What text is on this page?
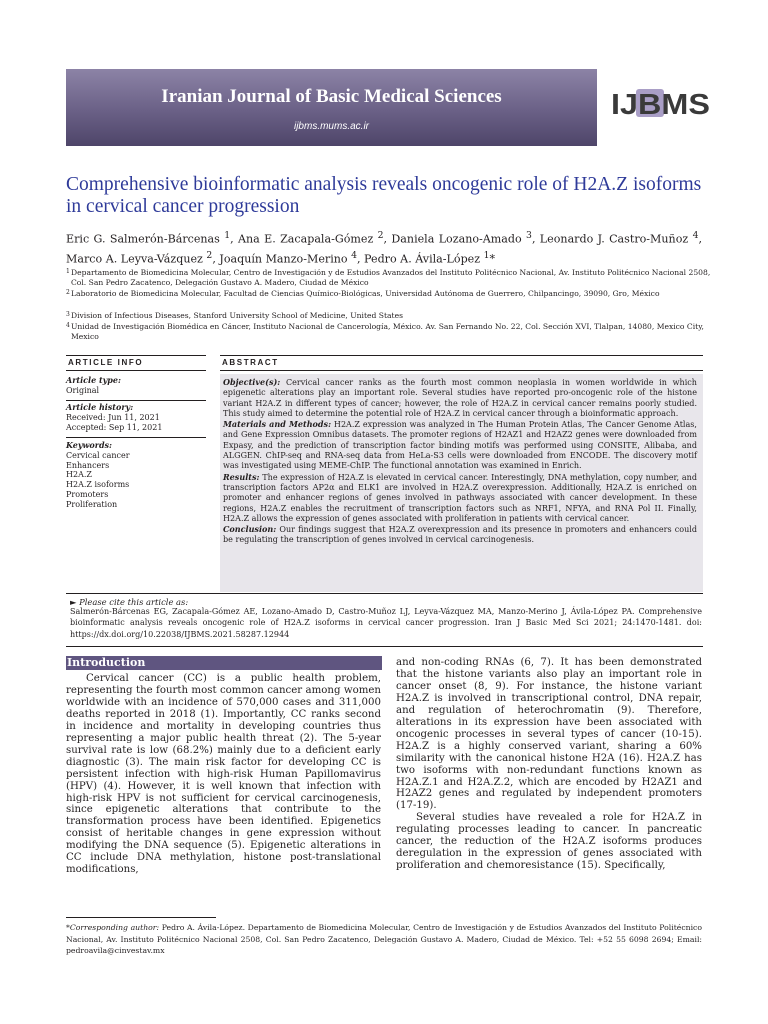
Iranian Journal of Basic Medical Sciences
ijbms.mums.ac.ir
IJBMS
Comprehensive bioinformatic analysis reveals oncogenic role of H2A.Z isoforms in cervical cancer progression
Eric G. Salmerón-Bárcenas $^1$, Ana E. Zacapala-Gómez $^2$, Daniela Lozano-Amado $^3$, Leonardo J. Castro-Muñoz $^4$, Marco A. Leyva-Vázquez $^2$, Joaquín Manzo-Merino $^4$, Pedro A. Ávila-López $^1$*
1 Departamento de Biomedicina Molecular, Centro de Investigación y de Estudios Avanzados del Instituto Politécnico Nacional, Av. Instituto Politécnico Nacional 2508, Col. San Pedro Zacatenco, Delegación Gustavo A. Madero, Ciudad de México
2 Laboratorio de Biomedicina Molecular, Facultad de Ciencias Químico-Biológicas, Universidad Autónoma de Guerrero, Chilpancingo, 39090, Gro, México
3 Division of Infectious Diseases, Stanford University School of Medicine, United States
4 Unidad de Investigación Biomédica en Cáncer, Instituto Nacional de Cancerología, México. Av. San Fernando No. 22, Col. Sección XVI, Tlalpan, 14080, Mexico City, Mexico
ARTICLE INFO	ABSTRACT

Article type:

Original

Article history:

Received: Jun 11, 2021

Accepted: Sep 11, 2021

Keywords:

Cervical cancer

Enhancers

H2A.Z

H2A.Z isoforms

Promoters

Proliferation

Objective(s): Cervical cancer ranks as the fourth most common neoplasia in women worldwide in which epigenetic alterations play an important role. Several studies have reported pro-oncogenic role of the histone variant H2A.Z in different types of cancer; however, the role of H2A.Z in cervical cancer remains poorly studied. This study aimed to determine the potential role of H2A.Z in cervical cancer through a bioinformatic approach.

Materials and Methods: H2A.Z expression was analyzed in The Human Protein Atlas, The Cancer Genome Atlas, and Gene Expression Omnibus datasets. The promoter regions of H2AZ1 and H2AZ2 genes were downloaded from Expasy, and the prediction of transcription factor binding motifs was performed using CONSITE, Alibaba, and ALGGEN. ChIP-seq and RNA-seq data from HeLa-S3 cells were downloaded from ENCODE. The discovery motif was investigated using MEME-ChIP. The functional annotation was examined in Enrich.

Results: The expression of H2A.Z is elevated in cervical cancer. Interestingly, DNA methylation, copy number, and transcription factors AP2α and ELK1 are involved in H2A.Z overexpression. Additionally, H2A.Z is enriched on promoter and enhancer regions of genes involved in pathways associated with cancer development. In these regions, H2A.Z enables the recruitment of transcription factors such as NRF1, NFYA, and RNA Pol II. Finally, H2A.Z allows the expression of genes associated with proliferation in patients with cervical cancer.

Conclusion: Our findings suggest that H2A.Z overexpression and its presence in promoters and enhancers could be regulating the transcription of genes involved in cervical carcinogenesis.

► Please cite this article as:
Salmerón-Bárcenas EG, Zacapala-Gómez AE, Lozano-Amado D, Castro-Muñoz LJ, Leyva-Vázquez MA, Manzo-Merino J, Ávila-López PA. Comprehensive bioinformatic analysis reveals oncogenic role of H2A.Z isoforms in cervical cancer progression. Iran J Basic Med Sci 2021; 24:1470-1481. doi: https://dx.doi.org/10.22038/IJBMS.2021.58287.12944
Introduction

Cervical cancer (CC) is a public health problem, representing the fourth most common cancer among women worldwide with an incidence of 570,000 cases and 311,000 deaths reported in 2018 (1). Importantly, CC ranks second in incidence and mortality in developing countries thus representing a major public health threat (2). The 5-year survival rate is low (68.2%) mainly due to a deficient early diagnostic (3). The main risk factor for developing CC is persistent infection with high-risk Human Papillomavirus (HPV) (4). However, it is well known that infection with high-risk HPV is not sufficient for cervical carcinogenesis, since epigenetic alterations that contribute to the transformation process have been identified. Epigenetics consist of heritable changes in gene expression without modifying the DNA sequence (5). Epigenetic alterations in CC include DNA methylation, histone post-translational modifications,

and non-coding RNAs (6, 7). It has been demonstrated that the histone variants also play an important role in cancer onset (8, 9). For instance, the histone variant H2A.Z is involved in transcriptional control, DNA repair, and regulation of heterochromatin (9). Therefore, alterations in its expression have been associated with oncogenic processes in several types of cancer (10-15). H2A.Z is a highly conserved variant, sharing a 60% similarity with the canonical histone H2A (16). H2A.Z has two isoforms with non-redundant functions known as H2A.Z.1 and H2A.Z.2, which are encoded by H2AZ1 and H2AZ2 genes and regulated by independent promoters (17-19).

Several studies have revealed a role for H2A.Z in regulating processes leading to cancer. In pancreatic cancer, the reduction of the H2A.Z isoforms produces deregulation in the expression of genes associated with proliferation and chemoresistance (15). Specifically,

*Corresponding author: Pedro A. Ávila-López. Departamento de Biomedicina Molecular, Centro de Investigación y de Estudios Avanzados del Instituto Politécnico Nacional, Av. Instituto Politécnico Nacional 2508, Col. San Pedro Zacatenco, Delegación Gustavo A. Madero, Ciudad de México. Tel: +52 55 6098 2694; Email: pedroavila@cinvestav.mx
